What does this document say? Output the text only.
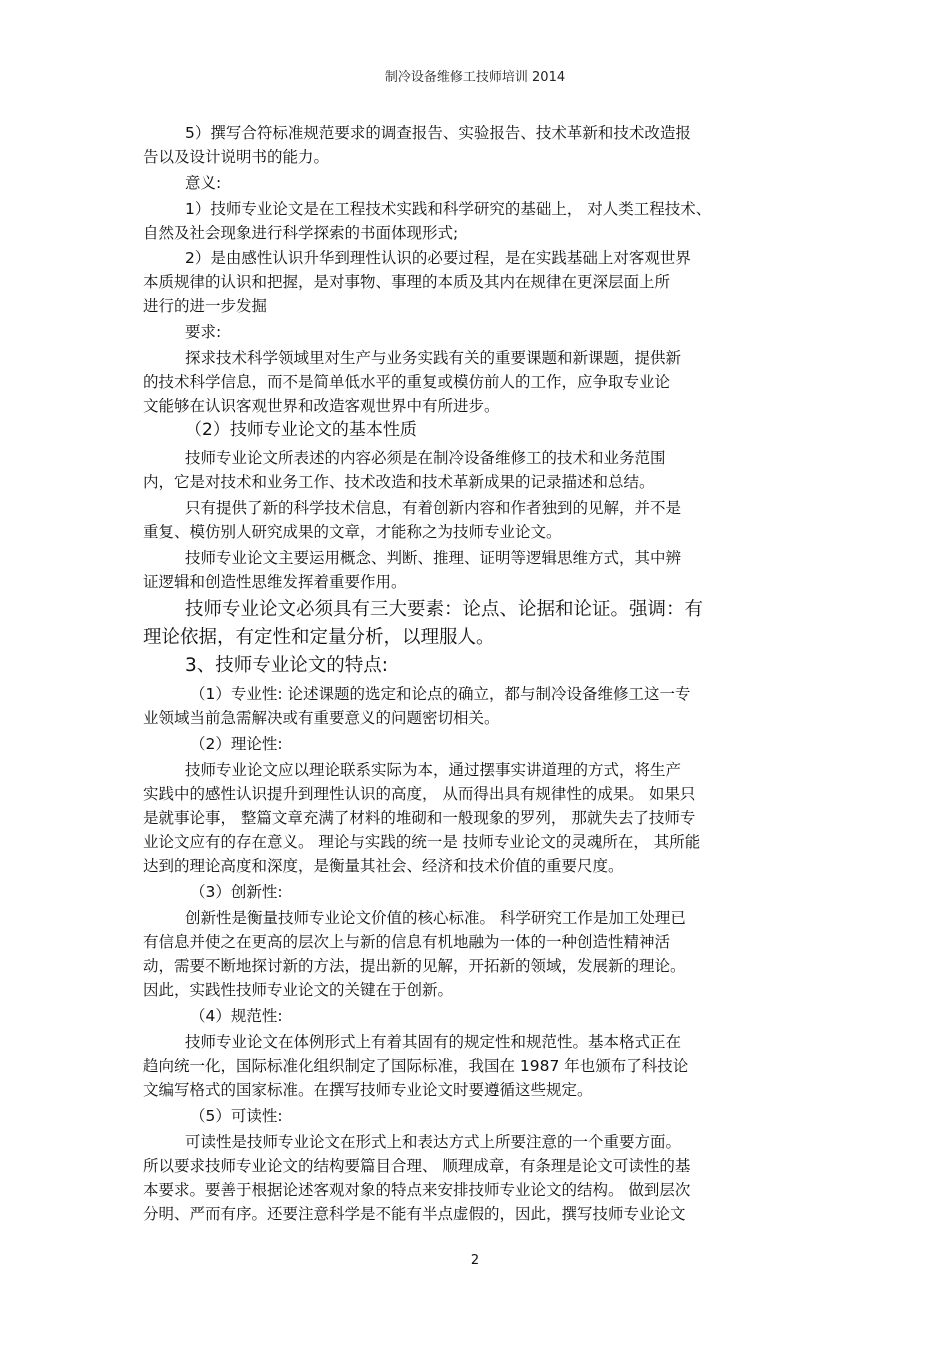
制冷设备维修工技师培训 2014
5）撰写合符标准规范要求的调查报告、实验报告、技术革新和技术改造报
告以及设计说明书的能力。
意义:
1）技师专业论文是在工程技术实践和科学研究的基础上， 对人类工程技术、
自然及社会现象进行科学探索的书面体现形式;
2）是由感性认识升华到理性认识的必要过程，是在实践基础上对客观世界
本质规律的认识和把握，是对事物、事理的本质及其内在规律在更深层面上所
进行的进一步发掘
要求:
探求技术科学领域里对生产与业务实践有关的重要课题和新课题，提供新
的技术科学信息，而不是简单低水平的重复或模仿前人的工作，应争取专业论
文能够在认识客观世界和改造客观世界中有所进步。
（2）技师专业论文的基本性质
技师专业论文所表述的内容必须是在制冷设备维修工的技术和业务范围
内，它是对技术和业务工作、技术改造和技术革新成果的记录描述和总结。
只有提供了新的科学技术信息，有着创新内容和作者独到的见解，并不是
重复、模仿别人研究成果的文章，才能称之为技师专业论文。
技师专业论文主要运用概念、判断、推理、证明等逻辑思维方式，其中辨
证逻辑和创造性思维发挥着重要作用。
技师专业论文必须具有三大要素：论点、论据和论证。强调：有
理论依据，有定性和定量分析，以理服人。
3、技师专业论文的特点:
（1）专业性: 论述课题的选定和论点的确立，都与制冷设备维修工这一专
业领域当前急需解决或有重要意义的问题密切相关。
（2）理论性:
技师专业论文应以理论联系实际为本，通过摆事实讲道理的方式，将生产
实践中的感性认识提升到理性认识的高度， 从而得出具有规律性的成果。 如果只
是就事论事， 整篇文章充满了材料的堆砌和一般现象的罗列， 那就失去了技师专
业论文应有的存在意义。 理论与实践的统一是 技师专业论文的灵魂所在， 其所能
达到的理论高度和深度，是衡量其社会、经济和技术价值的重要尺度。
（3）创新性:
创新性是衡量技师专业论文价值的核心标准。 科学研究工作是加工处理已
有信息并使之在更高的层次上与新的信息有机地融为一体的一种创造性精神活
动，需要不断地探讨新的方法，提出新的见解，开拓新的领域，发展新的理论。
因此，实践性技师专业论文的关键在于创新。
（4）规范性:
技师专业论文在体例形式上有着其固有的规定性和规范性。基本格式正在
趋向统一化，国际标准化组织制定了国际标准，我国在 1987 年也颁布了科技论
文编写格式的国家标准。在撰写技师专业论文时要遵循这些规定。
（5）可读性:
可读性是技师专业论文在形式上和表达方式上所要注意的一个重要方面。
所以要求技师专业论文的结构要篇目合理、 顺理成章，有条理是论文可读性的基
本要求。要善于根据论述客观对象的特点来安排技师专业论文的结构。 做到层次
分明、严而有序。还要注意科学是不能有半点虚假的，因此，撰写技师专业论文
2
